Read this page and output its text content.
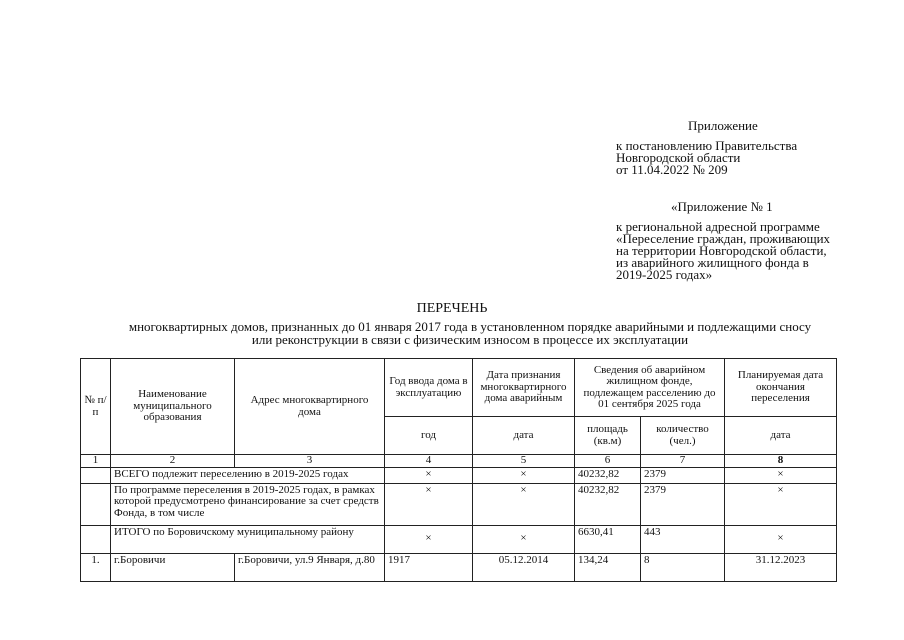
Приложение
к постановлению Правительства
Новгородской области
от 11.04.2022 № 209
«Приложение № 1
к региональной адресной программе
«Переселение граждан, проживающих
на территории Новгородской области,
из аварийного жилищного фонда в
2019-2025 годах»
ПЕРЕЧЕНЬ
многоквартирных домов, признанных до 01 января 2017 года в установленном порядке аварийными и подлежащими сносу
или реконструкции в связи с физическим износом в процессе их эксплуатации
№ п/п	Наименование муниципального образования	Адрес многоквартирного дома	Год ввода дома в эксплуатацию	Дата признания многоквартирного дома аварийным	Сведения об аварийном жилищном фонде, подлежащем расселению до 01 сентября 2025 года		Планируемая дата окончания переселения
			год	дата	площадь (кв.м)	количество (чел.)	дата
1	2	3	4	5	6	7	8
	ВСЕГО подлежит переселению в 2019-2025 годах		×	×	40232,82	2379	×
	По программе переселения в 2019-2025 годах, в рамках которой предусмотрено финансирование за счет средств Фонда, в том числе		×	×	40232,82	2379	×
	ИТОГО по Боровичскому муниципальному району		×	×	6630,41	443	×
1.	г.Боровичи	г.Боровичи, ул.9 Января, д.80	1917	05.12.2014	134,24	8	31.12.2023
